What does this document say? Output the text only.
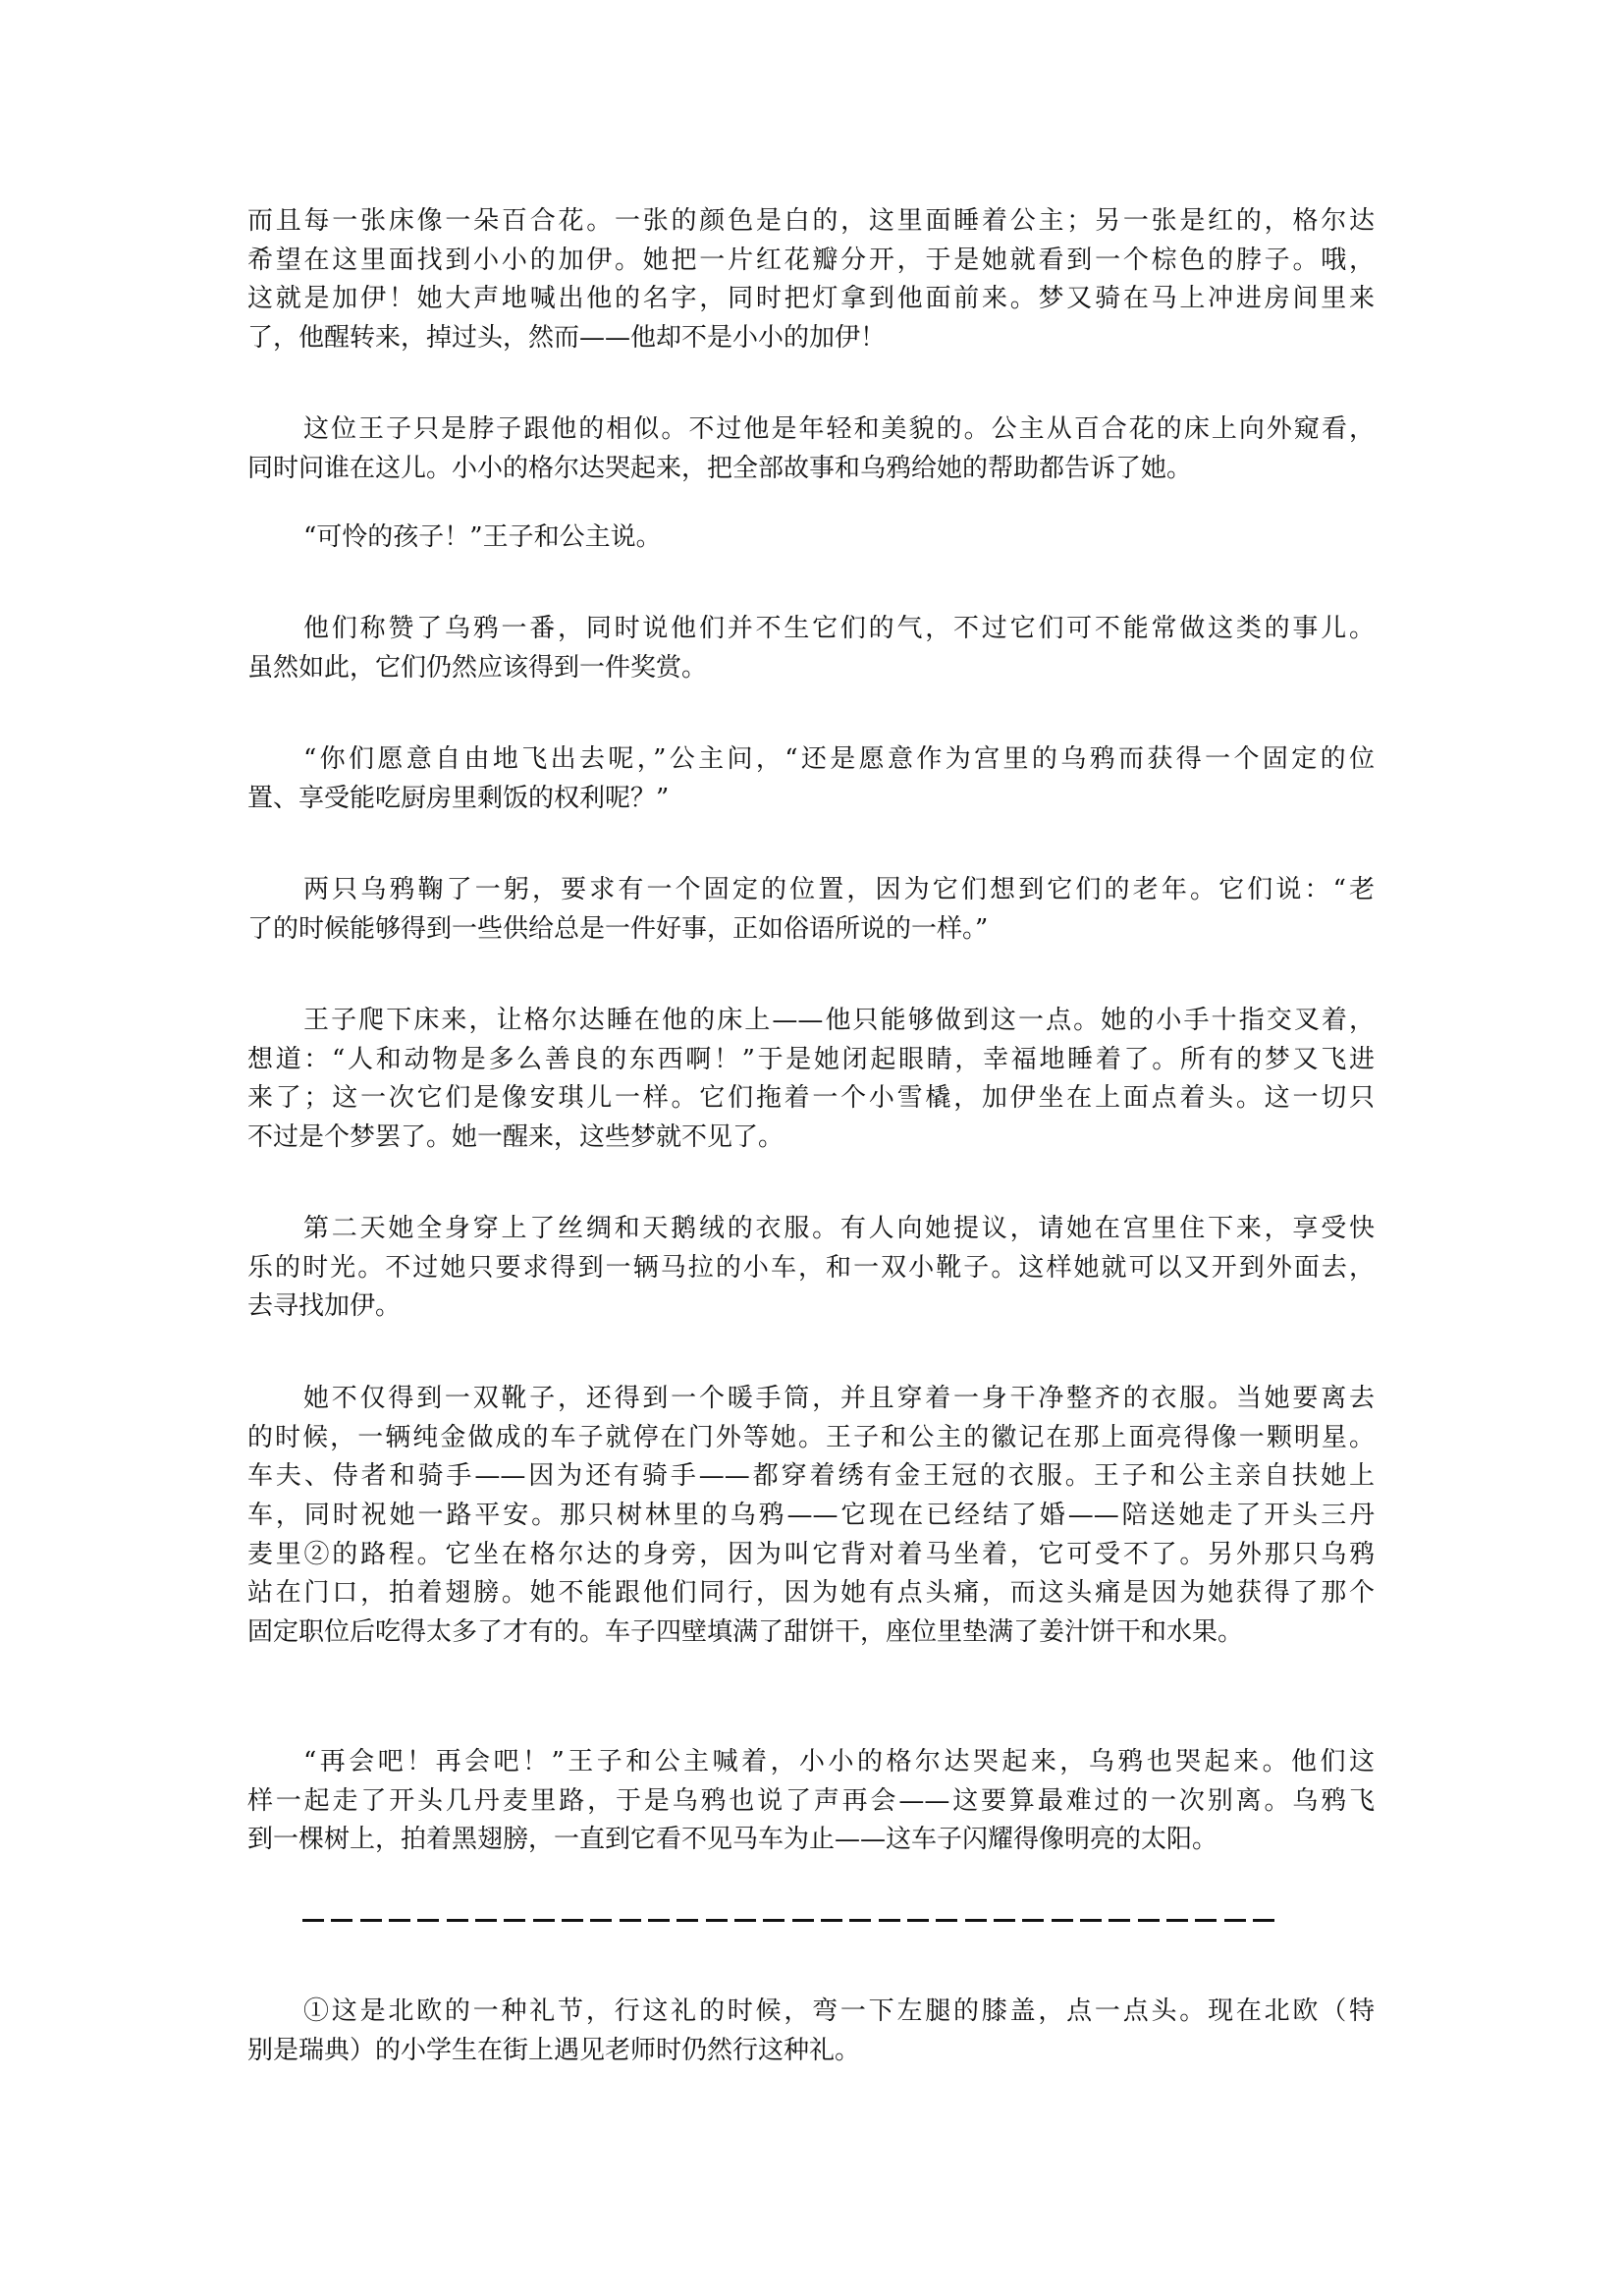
而且每一张床像一朵百合花。一张的颜色是白的，这里面睡着公主；另一张是红的，格尔达
希望在这里面找到小小的加伊。她把一片红花瓣分开，于是她就看到一个棕色的脖子。哦，
这就是加伊！她大声地喊出他的名字，同时把灯拿到他面前来。梦又骑在马上冲进房间里来
了，他醒转来，掉过头，然而——他却不是小小的加伊！
这位王子只是脖子跟他的相似。不过他是年轻和美貌的。公主从百合花的床上向外窥看，
同时问谁在这儿。小小的格尔达哭起来，把全部故事和乌鸦给她的帮助都告诉了她。
“可怜的孩子！”王子和公主说。
他们称赞了乌鸦一番，同时说他们并不生它们的气，不过它们可不能常做这类的事儿。
虽然如此，它们仍然应该得到一件奖赏。
“你们愿意自由地飞出去呢，”公主问，“还是愿意作为宫里的乌鸦而获得一个固定的位
置、享受能吃厨房里剩饭的权利呢？”
两只乌鸦鞠了一躬，要求有一个固定的位置，因为它们想到它们的老年。它们说：“老
了的时候能够得到一些供给总是一件好事，正如俗语所说的一样。”
王子爬下床来，让格尔达睡在他的床上——他只能够做到这一点。她的小手十指交叉着，
想道：“人和动物是多么善良的东西啊！”于是她闭起眼睛，幸福地睡着了。所有的梦又飞进
来了；这一次它们是像安琪儿一样。它们拖着一个小雪橇，加伊坐在上面点着头。这一切只
不过是个梦罢了。她一醒来，这些梦就不见了。
第二天她全身穿上了丝绸和天鹅绒的衣服。有人向她提议，请她在宫里住下来，享受快
乐的时光。不过她只要求得到一辆马拉的小车，和一双小靴子。这样她就可以又开到外面去，
去寻找加伊。
她不仅得到一双靴子，还得到一个暖手筒，并且穿着一身干净整齐的衣服。当她要离去
的时候，一辆纯金做成的车子就停在门外等她。王子和公主的徽记在那上面亮得像一颗明星。
车夫、侍者和骑手——因为还有骑手——都穿着绣有金王冠的衣服。王子和公主亲自扶她上
车，同时祝她一路平安。那只树林里的乌鸦——它现在已经结了婚——陪送她走了开头三丹
麦里②的路程。它坐在格尔达的身旁，因为叫它背对着马坐着，它可受不了。另外那只乌鸦
站在门口，拍着翅膀。她不能跟他们同行，因为她有点头痛，而这头痛是因为她获得了那个
固定职位后吃得太多了才有的。车子四壁填满了甜饼干，座位里垫满了姜汁饼干和水果。
“再会吧！再会吧！”王子和公主喊着，小小的格尔达哭起来，乌鸦也哭起来。他们这
样一起走了开头几丹麦里路，于是乌鸦也说了声再会——这要算最难过的一次别离。乌鸦飞
到一棵树上，拍着黑翅膀，一直到它看不见马车为止——这车子闪耀得像明亮的太阳。
①这是北欧的一种礼节，行这礼的时候，弯一下左腿的膝盖，点一点头。现在北欧（特
别是瑞典）的小学生在街上遇见老师时仍然行这种礼。
